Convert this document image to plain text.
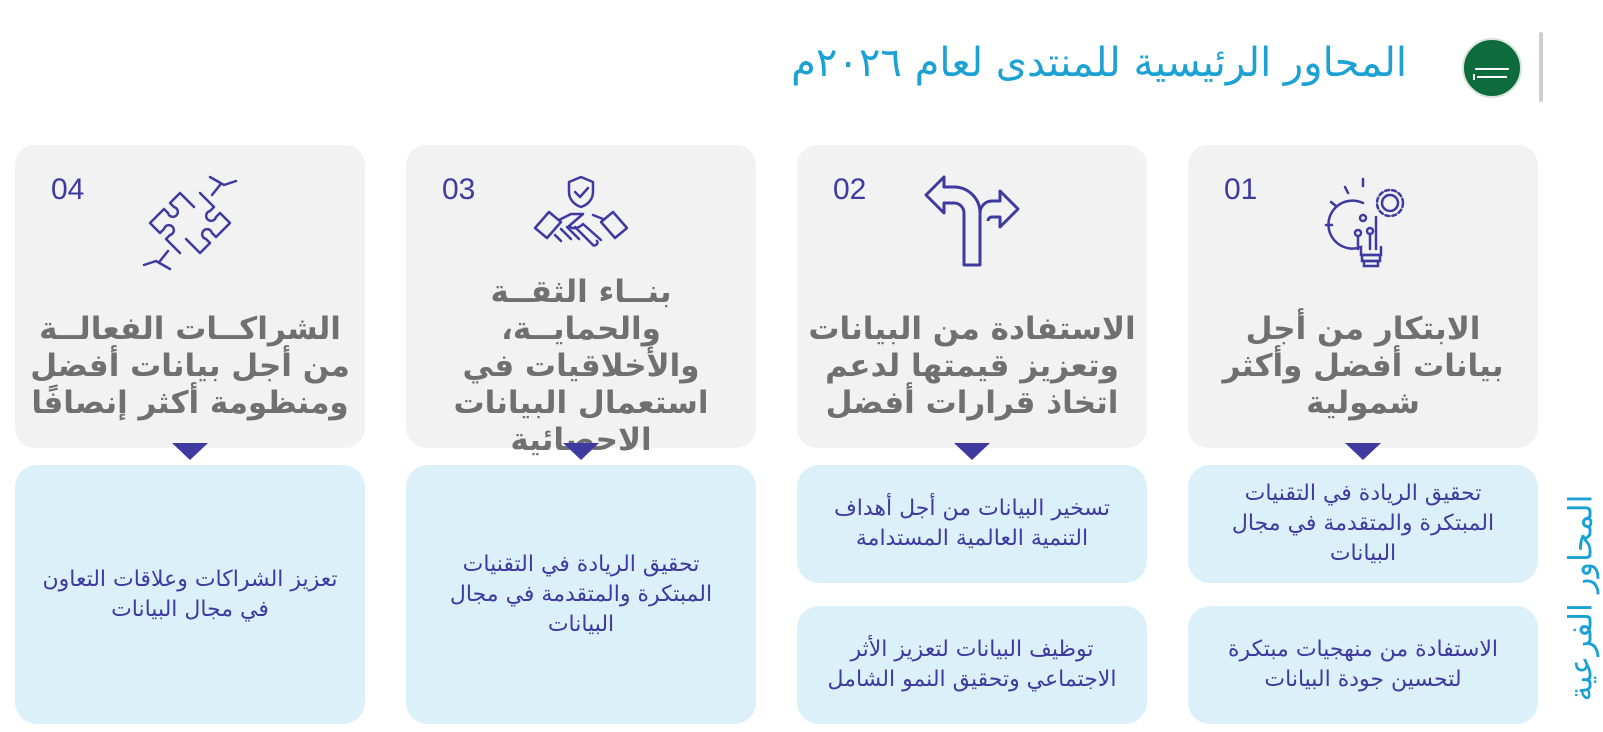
المحاور الرئيسية للمنتدى لعام ٢٠٢٦م
المحاور الفرعية
01
الابتكار من أجل بيانات أفضل وأكثر شمولية
تحقيق الريادة في التقنيات المبتكرة والمتقدمة في مجال البيانات
الاستفادة من منهجيات مبتكرة لتحسين جودة البيانات
02
الاستفادة من البيانات وتعزيز قيمتها لدعم اتخاذ قرارات أفضل
تسخير البيانات من أجل أهداف التنمية العالمية المستدامة
توظيف البيانات لتعزيز الأثر الاجتماعي وتحقيق النمو الشامل
03
بنــاء الثقــة والحمايــة، والأخلاقيات في استعمال البيانات الاحصائية
تحقيق الريادة في التقنيات المبتكرة والمتقدمة في مجال البيانات
04
الشراكــات الفعالــة من أجل بيانات أفضل ومنظومة أكثر إنصافًا
تعزيز الشراكات وعلاقات التعاون في مجال البيانات
